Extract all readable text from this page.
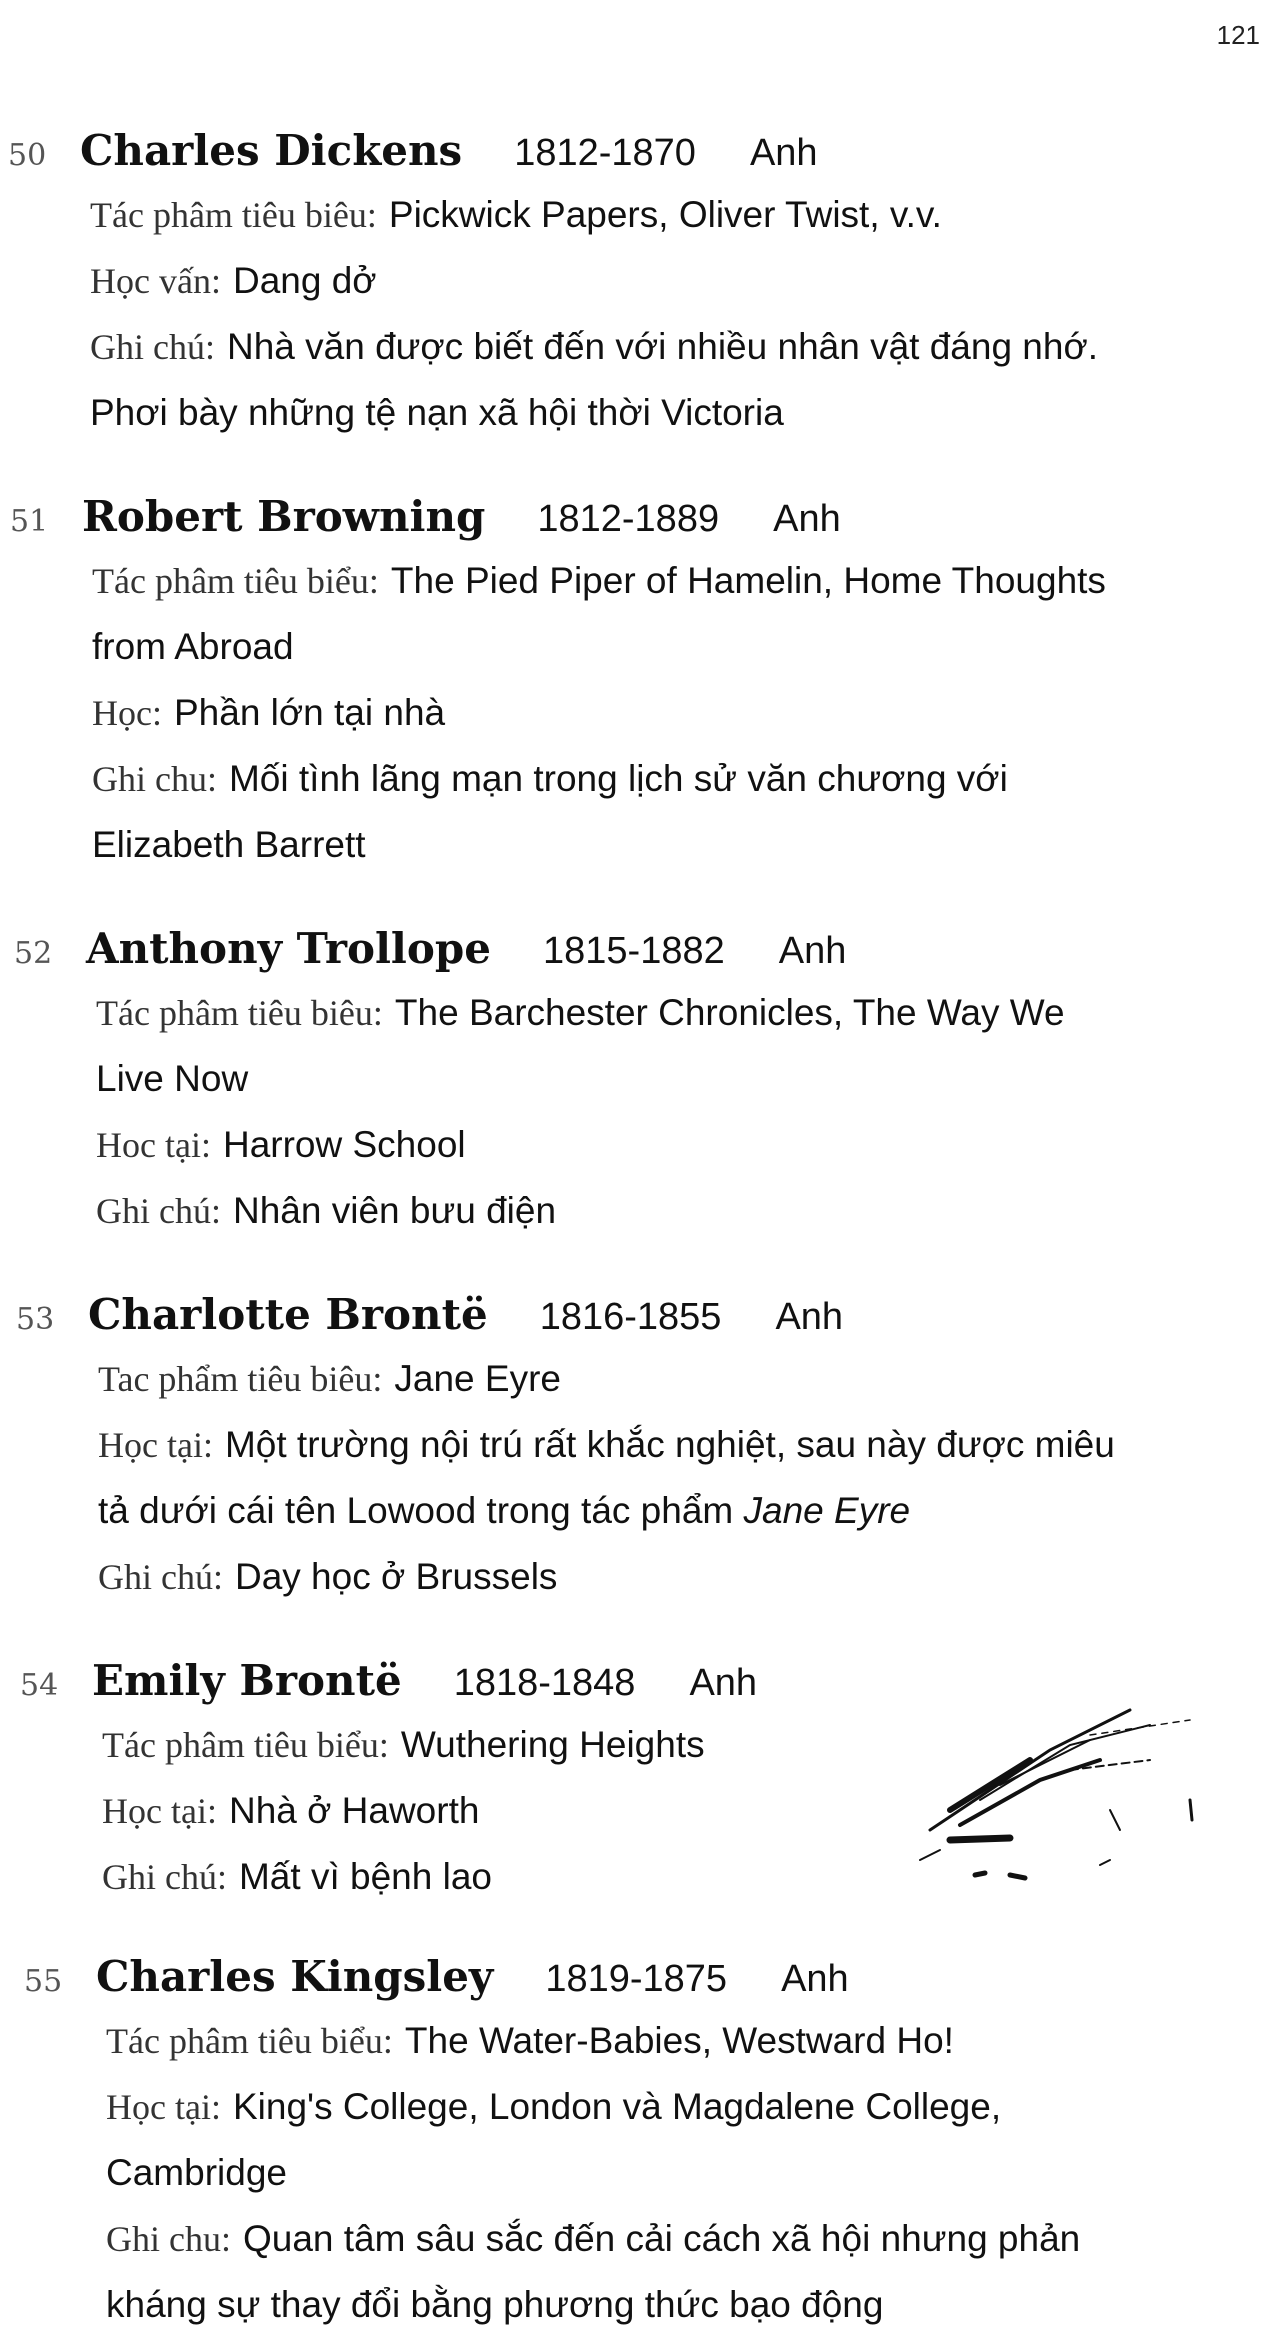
121
50 Charles Dickens 1812-1870 Anh
Tác phâm tiêu biêu: Pickwick Papers, Oliver Twist, v.v.
Học vấn: Dang dở
Ghi chú: Nhà văn được biết đến với nhiều nhân vật đáng nhớ.
Phơi bày những tệ nạn xã hội thời Victoria
51 Robert Browning 1812-1889 Anh
Tác phâm tiêu biểu: The Pied Piper of Hamelin, Home Thoughts
from Abroad
Học: Phần lớn tại nhà
Ghi chu: Mối tình lãng mạn trong lịch sử văn chương với
Elizabeth Barrett
52 Anthony Trollope 1815-1882 Anh
Tác phâm tiêu biêu: The Barchester Chronicles, The Way We
Live Now
Hoc tại: Harrow School
Ghi chú: Nhân viên bưu điện
53 Charlotte Brontë 1816-1855 Anh
Tac phẩm tiêu biêu: Jane Eyre
Học tại: Một trường nội trú rất khắc nghiệt, sau này được miêu
tả dưới cái tên Lowood trong tác phẩm Jane Eyre
Ghi chú: Day học ở Brussels
54 Emily Brontë 1818-1848 Anh
Tác phâm tiêu biểu: Wuthering Heights
Học tại: Nhà ở Haworth
Ghi chú: Mất vì bệnh lao
55 Charles Kingsley 1819-1875 Anh
Tác phâm tiêu biểu: The Water-Babies, Westward Ho!
Học tại: King's College, London và Magdalene College,
Cambridge
Ghi chu: Quan tâm sâu sắc đến cải cách xã hội nhưng phản
kháng sự thay đổi bằng phương thức bạo động
